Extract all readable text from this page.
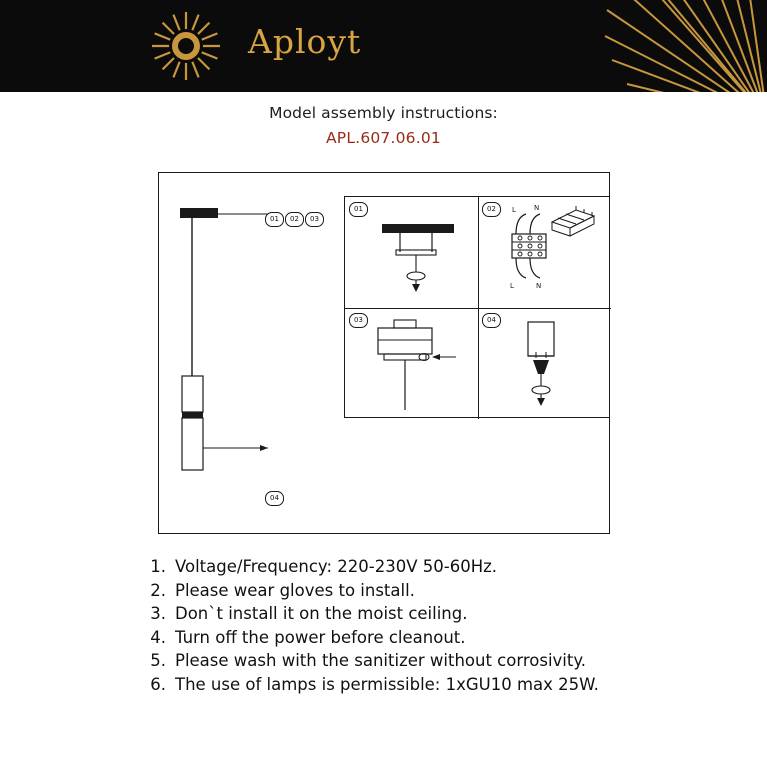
Aployt
Model assembly instructions:
APL.607.06.01
01	02	03
04
01	02
03	04
L	N
L	N
1. Voltage/Frequency: 220-230V 50-60Hz.
2. Please wear gloves to install.
3. Don`t install it on the moist ceiling.
4. Turn off the power before cleanout.
5. Please wash with the sanitizer without corrosivity.
6. The use of lamps is permissible: 1xGU10 max 25W.
